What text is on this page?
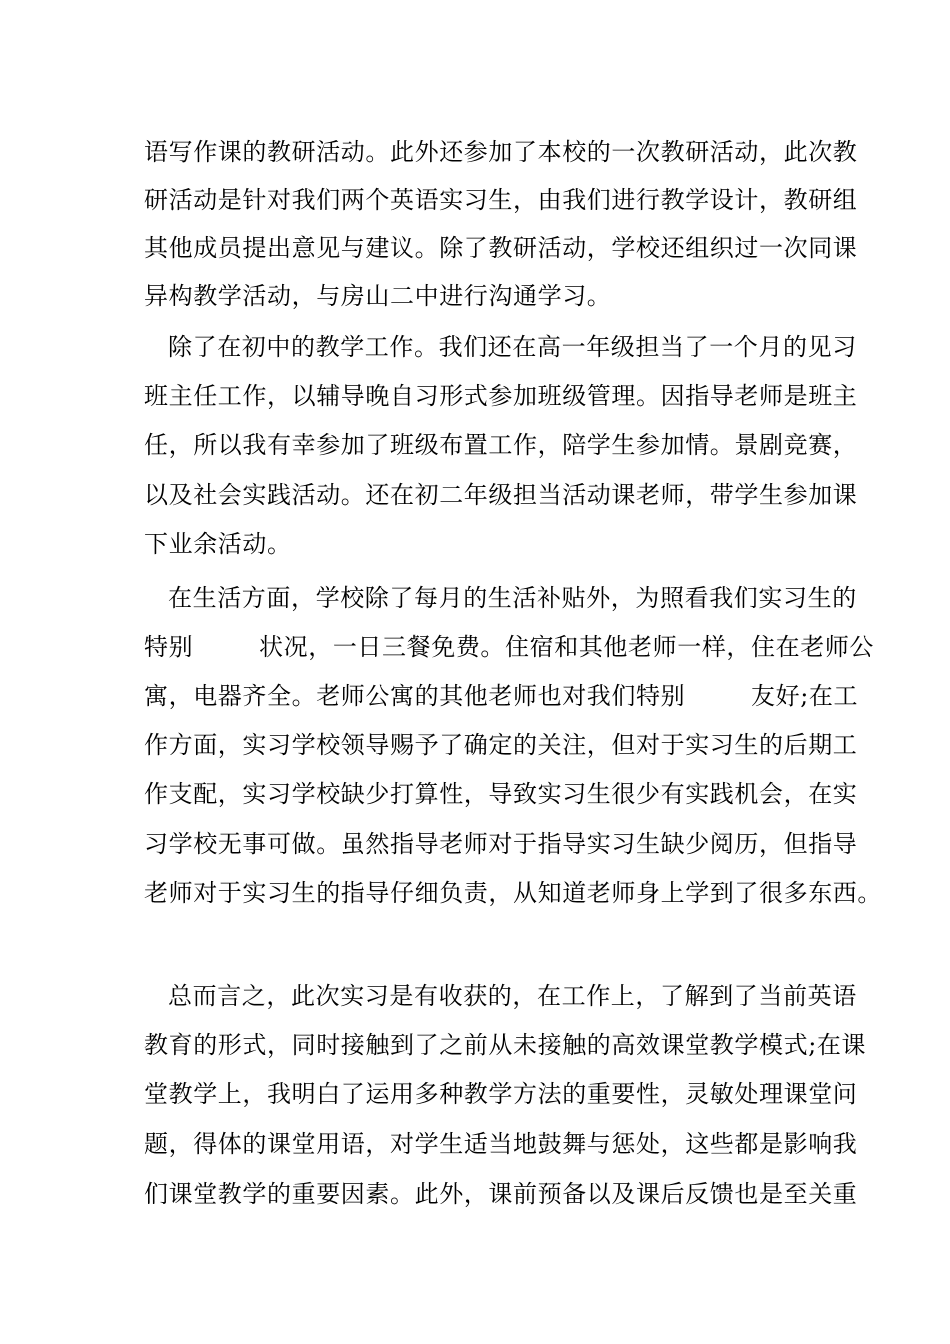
语写作课的教研活动。此外还参加了本校的一次教研活动，此次教

研活动是针对我们两个英语实习生，由我们进行教学设计，教研组

其他成员提出意见与建议。除了教研活动，学校还组织过一次同课

异构教学活动，与房山二中进行沟通学习。

除了在初中的教学工作。我们还在高一年级担当了一个月的见习

班主任工作，以辅导晚自习形式参加班级管理。因指导老师是班主

任，所以我有幸参加了班级布置工作，陪学生参加情。景剧竞赛，

以及社会实践活动。还在初二年级担当活动课老师，带学生参加课

下业余活动。

在生活方面，学校除了每月的生活补贴外，为照看我们实习生的

特别        状况，一日三餐免费。住宿和其他老师一样，住在老师公

寓，电器齐全。老师公寓的其他老师也对我们特别        友好;在工

作方面，实习学校领导赐予了确定的关注，但对于实习生的后期工

作支配，实习学校缺少打算性，导致实习生很少有实践机会，在实

习学校无事可做。虽然指导老师对于指导实习生缺少阅历，但指导

老师对于实习生的指导仔细负责，从知道老师身上学到了很多东西。

总而言之，此次实习是有收获的，在工作上，了解到了当前英语

教育的形式，同时接触到了之前从未接触的高效课堂教学模式;在课

堂教学上，我明白了运用多种教学方法的重要性，灵敏处理课堂问

题，得体的课堂用语，对学生适当地鼓舞与惩处，这些都是影响我

们课堂教学的重要因素。此外，课前预备以及课后反馈也是至关重
